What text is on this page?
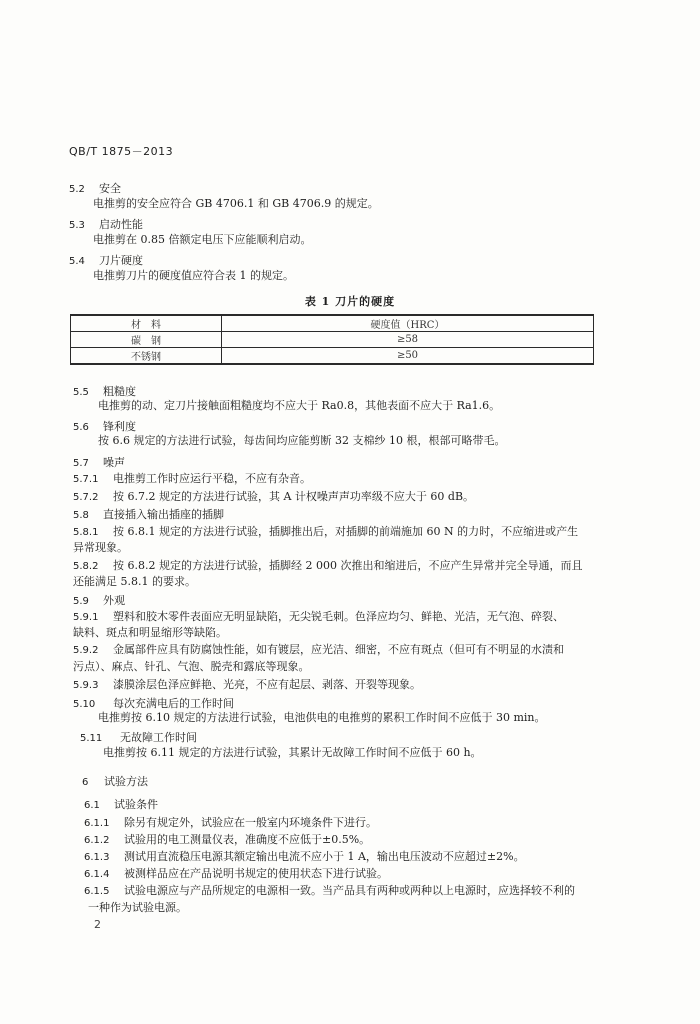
QB/T 1875－2013
5.2 安全
电推剪的安全应符合 GB 4706.1 和 GB 4706.9 的规定。
5.3 启动性能
电推剪在 0.85 倍额定电压下应能顺利启动。
5.4 刀片硬度
电推剪刀片的硬度值应符合表 1 的规定。
表 1 刀片的硬度
材　料	硬度值（HRC）
碳　钢	≥58
不锈钢	≥50
5.5 粗糙度
电推剪的动、定刀片接触面粗糙度均不应大于 Ra0.8，其他表面不应大于 Ra1.6。
5.6 锋利度
按 6.6 规定的方法进行试验，每齿间均应能剪断 32 支棉纱 10 根，根部可略带毛。
5.7 噪声
5.7.1 电推剪工作时应运行平稳，不应有杂音。
5.7.2 按 6.7.2 规定的方法进行试验，其 A 计权噪声声功率级不应大于 60 dB。
5.8 直接插入输出插座的插脚
5.8.1 按 6.8.1 规定的方法进行试验，插脚推出后，对插脚的前端施加 60 N 的力时，不应缩进或产生
异常现象。
5.8.2 按 6.8.2 规定的方法进行试验，插脚经 2 000 次推出和缩进后，不应产生异常并完全导通，而且
还能满足 5.8.1 的要求。
5.9 外观
5.9.1 塑料和胶木零件表面应无明显缺陷，无尖锐毛刺。色泽应均匀、鲜艳、光洁，无气泡、碎裂、
缺料、斑点和明显缩形等缺陷。
5.9.2 金属部件应具有防腐蚀性能，如有镀层，应光洁、细密，不应有斑点（但可有不明显的水渍和
污点）、麻点、针孔、气泡、脱壳和露底等现象。
5.9.3 漆膜涂层色泽应鲜艳、光亮，不应有起层、剥落、开裂等现象。
5.10 每次充满电后的工作时间
电推剪按 6.10 规定的方法进行试验，电池供电的电推剪的累积工作时间不应低于 30 min。
5.11 无故障工作时间
电推剪按 6.11 规定的方法进行试验，其累计无故障工作时间不应低于 60 h。
6 试验方法
6.1 试验条件
6.1.1 除另有规定外，试验应在一般室内环境条件下进行。
6.1.2 试验用的电工测量仪表，准确度不应低于±0.5%。
6.1.3 测试用直流稳压电源其额定输出电流不应小于 1 A，输出电压波动不应超过±2%。
6.1.4 被测样品应在产品说明书规定的使用状态下进行试验。
6.1.5 试验电源应与产品所规定的电源相一致。当产品具有两种或两种以上电源时，应选择较不利的
一种作为试验电源。
2
